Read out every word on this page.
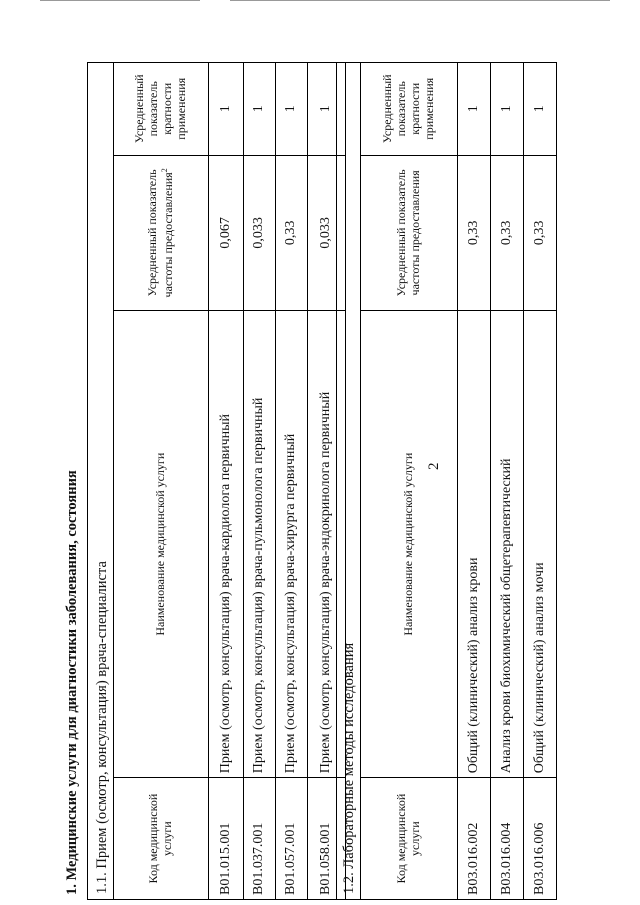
2
1. Медицинские услуги для диагностики заболевания, состояния 1.1. Прием (осмотр, консультация) врача-специалиста			
Код медицинской услуги	Наименование медицинской услуги	Усредненный показатель частоты предоставления$^2$	Усредненный показатель кратности применения
B01.015.001	Прием (осмотр, консультация) врача-кардиолога первичный	0,067	1
B01.037.001	Прием (осмотр, консультация) врача-пульмонолога первичный	0,033	1
B01.057.001	Прием (осмотр, консультация) врача-хирурга первичный	0,33	1
B01.058.001	Прием (осмотр, консультация) врача-эндокринолога первичный	0,033	1
1.2. Лабораторные методы исследования			
Код медицинской услуги	Наименование медицинской услуги	Усредненный показатель частоты предоставления	Усредненный показатель кратности применения
B03.016.002	Общий (клинический) анализ крови	0,33	1
B03.016.004	Анализ крови биохимический общетерапевтический	0,33	1
B03.016.006	Общий (клинический) анализ мочи	0,33	1
